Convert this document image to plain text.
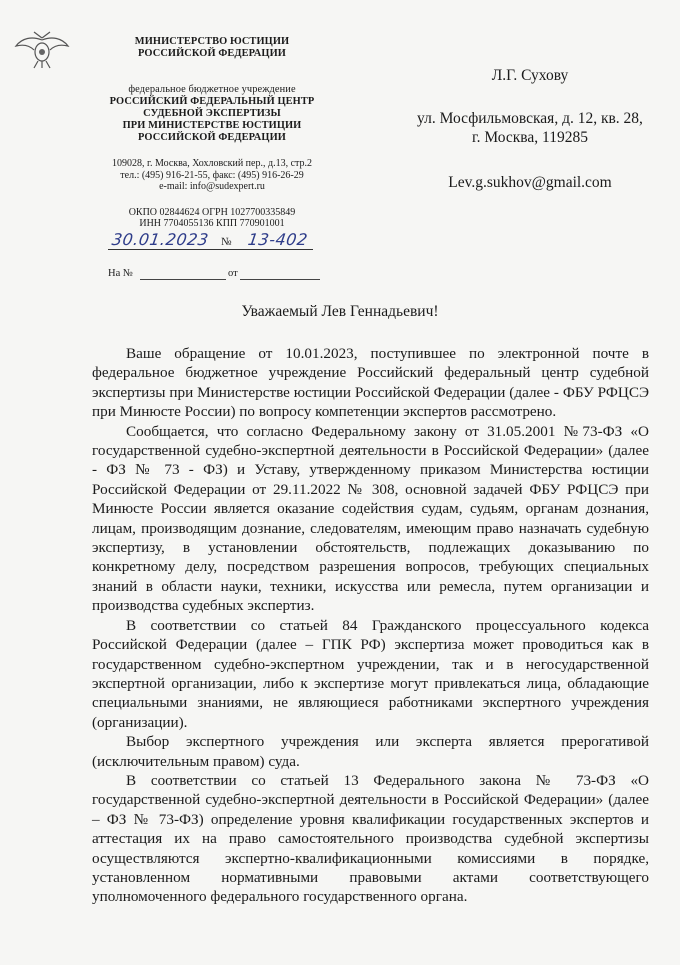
МИНИСТЕРСТВО ЮСТИЦИИ
РОССИЙСКОЙ ФЕДЕРАЦИИ
федеральное бюджетное учреждение
РОССИЙСКИЙ ФЕДЕРАЛЬНЫЙ ЦЕНТР
СУДЕБНОЙ ЭКСПЕРТИЗЫ
ПРИ МИНИСТЕРСТВЕ ЮСТИЦИИ
РОССИЙСКОЙ ФЕДЕРАЦИИ
109028, г. Москва, Хохловский пер., д.13, стр.2
тел.: (495) 916-21-55, факс: (495) 916-26-29
e-mail: info@sudexpert.ru
ОКПО 02844624 ОГРН 1027700335849
ИНН 7704055136 КПП 770901001
30.01.2023 № 13-402
На №	от
Л.Г. Сухову
ул. Мосфильмовская, д. 12, кв. 28,
г. Москва, 119285
Lev.g.sukhov@gmail.com
Уважаемый Лев Геннадьевич!

Ваше обращение от 10.01.2023, поступившее по электронной почте в федеральное бюджетное учреждение Российский федеральный центр судебной экспертизы при Министерстве юстиции Российской Федерации (далее - ФБУ РФЦСЭ при Минюсте России) по вопросу компетенции экспертов рассмотрено.

Сообщается, что согласно Федеральному закону от 31.05.2001 №73-ФЗ «О государственной судебно-экспертной деятельности в Российской Федерации» (далее - ФЗ № 73 - ФЗ) и Уставу, утвержденному приказом Министерства юстиции Российской Федерации от 29.11.2022 № 308, основной задачей ФБУ РФЦСЭ при Минюсте России является оказание содействия судам, судьям, органам дознания, лицам, производящим дознание, следователям, имеющим право назначать судебную экспертизу, в установлении обстоятельств, подлежащих доказыванию по конкретному делу, посредством разрешения вопросов, требующих специальных знаний в области науки, техники, искусства или ремесла, путем организации и производства судебных экспертиз.

В соответствии со статьей 84 Гражданского процессуального кодекса Российской Федерации (далее – ГПК РФ) экспертиза может проводиться как в государственном судебно-экспертном учреждении, так и в негосударственной экспертной организации, либо к экспертизе могут привлекаться лица, обладающие специальными знаниями, не являющиеся работниками экспертного учреждения (организации).

Выбор экспертного учреждения или эксперта является прерогативой (исключительным правом) суда.

В соответствии со статьей 13 Федерального закона № 73-ФЗ «О государственной судебно-экспертной деятельности в Российской Федерации» (далее – ФЗ № 73-ФЗ) определение уровня квалификации государственных экспертов и аттестация их на право самостоятельного производства судебной экспертизы осуществляются экспертно-квалификационными комиссиями в порядке, установленном нормативными правовыми актами соответствующего уполномоченного федерального государственного органа.
